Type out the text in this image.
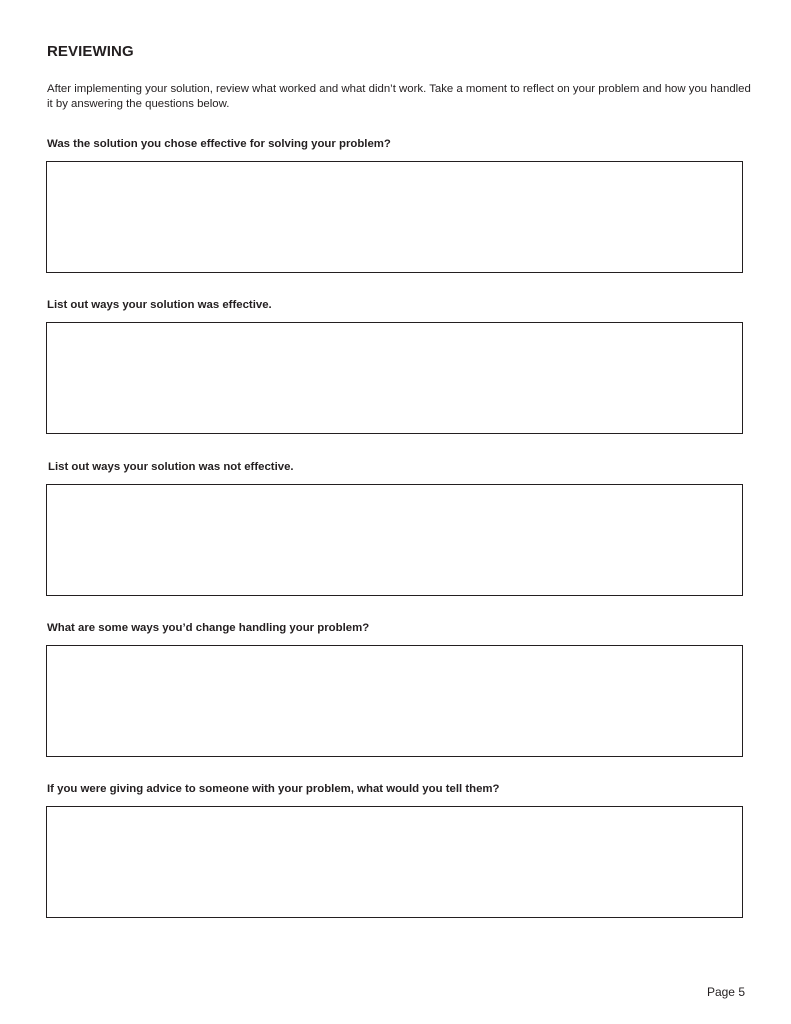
REVIEWING
After implementing your solution, review what worked and what didn’t work. Take a moment to reflect on your problem and how you handled it by answering the questions below.
Was the solution you chose effective for solving your problem?
List out ways your solution was effective.
List out ways your solution was not effective.
What are some ways you’d change handling your problem?
If you were giving advice to someone with your problem, what would you tell them?
Page 5
